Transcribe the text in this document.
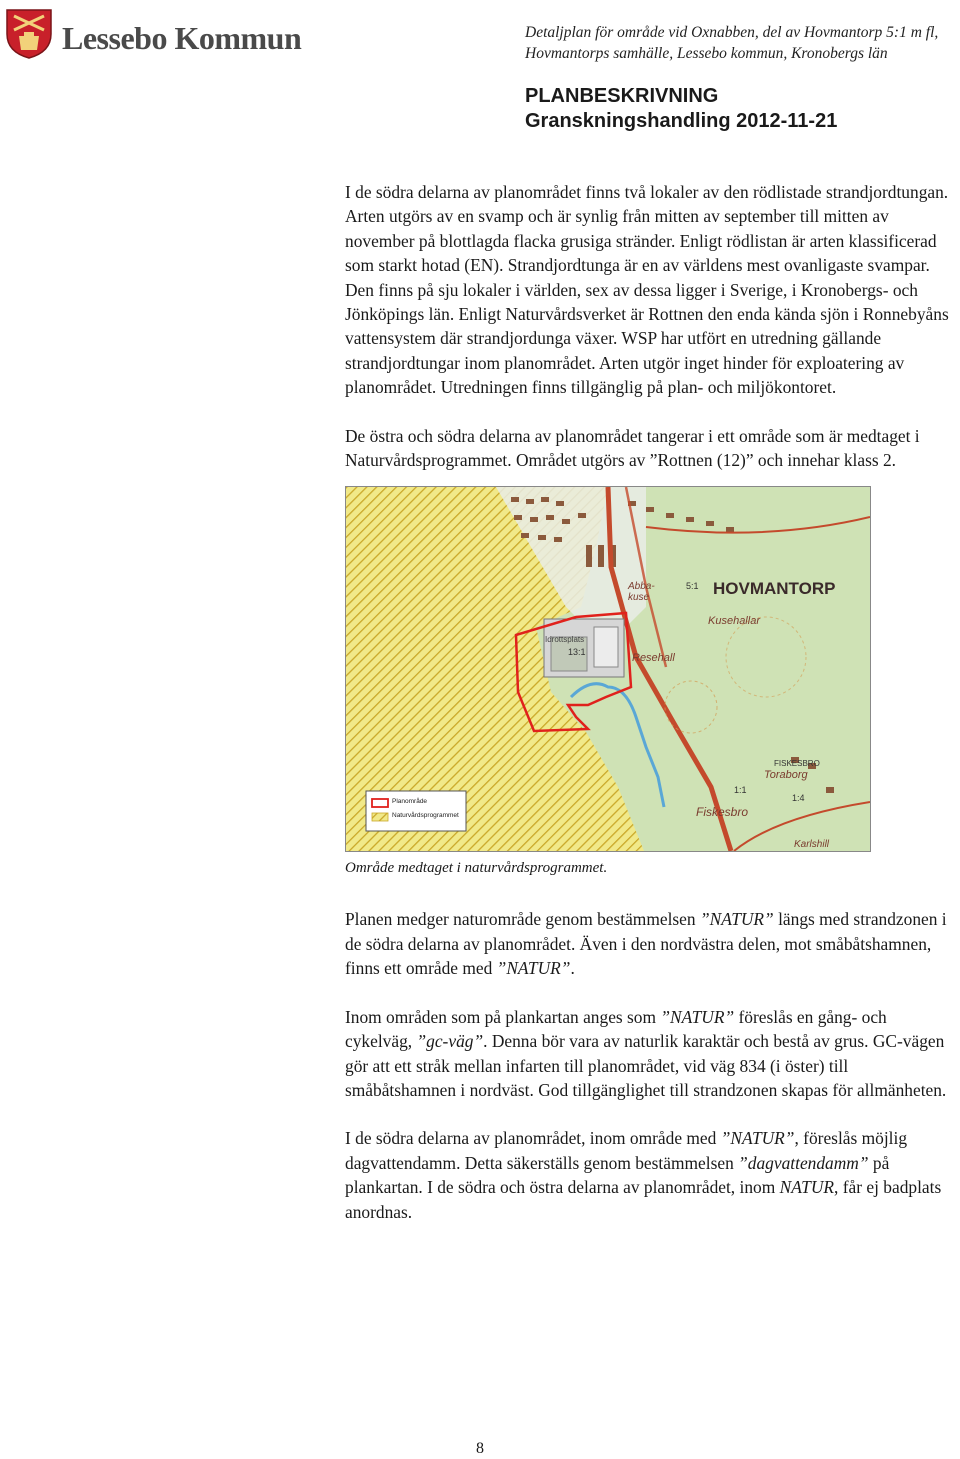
Lessebo Kommun	Detaljplan för område vid Oxnabben, del av Hovmantorp 5:1 m fl,
Hovmantorps samhälle, Lessebo kommun, Kronobergs län
PLANBESKRIVNING
Granskningshandling 2012-11-21

I de södra delarna av planområdet finns två lokaler av den rödlistade strandjordtungan. Arten utgörs av en svamp och är synlig från mitten av september till mitten av november på blottlagda flacka grusiga stränder. Enligt rödlistan är arten klassificerad som starkt hotad (EN). Strandjordtunga är en av världens mest ovanligaste svampar. Den finns på sju lokaler i världen, sex av dessa ligger i Sverige, i Kronobergs- och Jönköpings län. Enligt Naturvårdsverket är Rottnen den enda kända sjön i Ronnebyåns vattensystem där strandjordunga växer. WSP har utfört en utredning gällande strandjordtungar inom planområdet. Arten utgör inget hinder för exploatering av planområdet. Utredningen finns tillgänglig på plan- och miljökontoret.

De östra och södra delarna av planområdet tangerar i ett område som är medtaget i Naturvårdsprogrammet. Området utgörs av ”Rottnen (12)” och innehar klass 2.

HOVMANTORP
5:1
Abba-
kuse
Kusehallar
Resehall
Idrottsplats
13:1
FISKESBRO
Toraborg
1:1
1:4
Fiskesbro
Karlshill
Planområde
Naturvårdsprogrammet
Område medtaget i naturvårdsprogrammet.

Planen medger naturområde genom bestämmelsen ”NATUR” längs med strandzonen i de södra delarna av planområdet. Även i den nordvästra delen, mot småbåtshamnen, finns ett område med ”NATUR”.

Inom områden som på plankartan anges som ”NATUR” föreslås en gång- och cykelväg, ”gc-väg”. Denna bör vara av naturlik karaktär och bestå av grus. GC-vägen gör att ett stråk mellan infarten till planområdet, vid väg 834 (i öster) till småbåtshamnen i nordväst. God tillgänglighet till strandzonen skapas för allmänheten.

I de södra delarna av planområdet, inom område med ”NATUR”, föreslås möjlig dagvattendamm. Detta säkerställs genom bestämmelsen ”dagvattendamm” på plankartan. I de södra och östra delarna av planområdet, inom NATUR, får ej badplats anordnas.

8
